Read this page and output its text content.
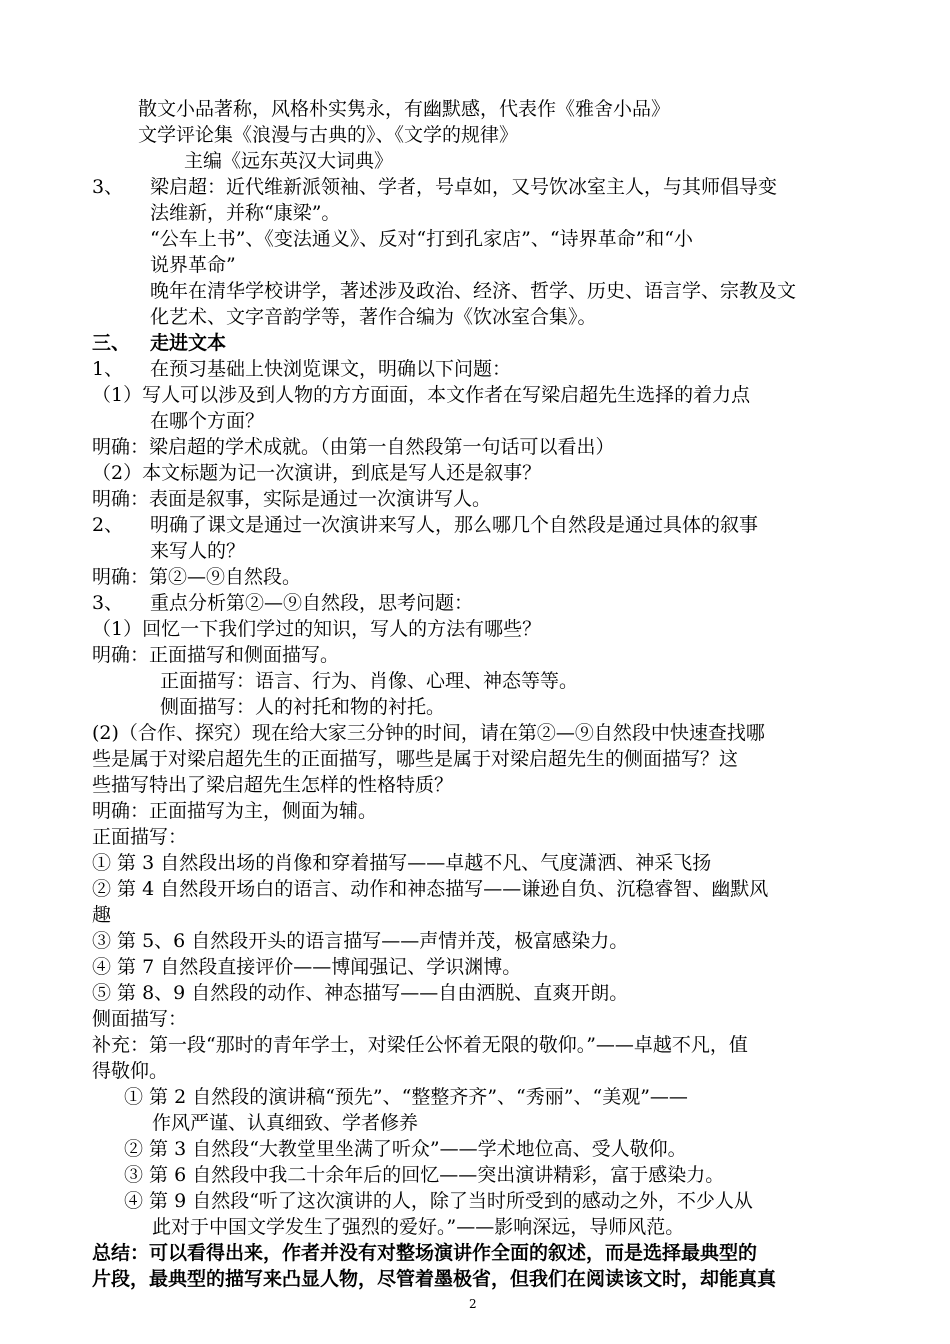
散文小品著称，风格朴实隽永，有幽默感，代表作《雅舍小品》
文学评论集《浪漫与古典的》、《文学的规律》
主编《远东英汉大词典》
3、 梁启超：近代维新派领袖、学者，号卓如，又号饮冰室主人，与其师倡导变
法维新，并称“康梁”。
“公车上书”、《变法通义》、反对“打到孔家店”、“诗界革命”和“小
说界革命”
晚年在清华学校讲学，著述涉及政治、经济、哲学、历史、语言学、宗教及文
化艺术、文字音韵学等，著作合编为《饮冰室合集》。
三、 走进文本
1、 在预习基础上快浏览课文，明确以下问题：
（1）写人可以涉及到人物的方方面面，本文作者在写梁启超先生选择的着力点
在哪个方面？
明确：梁启超的学术成就。（由第一自然段第一句话可以看出）
（2）本文标题为记一次演讲，到底是写人还是叙事？
明确：表面是叙事，实际是通过一次演讲写人。
2、 明确了课文是通过一次演讲来写人，那么哪几个自然段是通过具体的叙事
来写人的？
明确：第②—⑨自然段。
3、 重点分析第②—⑨自然段，思考问题：
（1）回忆一下我们学过的知识，写人的方法有哪些？
明确：正面描写和侧面描写。
正面描写：语言、行为、肖像、心理、神态等等。
侧面描写：人的衬托和物的衬托。
(2)（合作、探究）现在给大家三分钟的时间，请在第②—⑨自然段中快速查找哪
些是属于对梁启超先生的正面描写，哪些是属于对梁启超先生的侧面描写？这
些描写特出了梁启超先生怎样的性格特质？
明确：正面描写为主，侧面为辅。
正面描写：
① 第 3 自然段出场的肖像和穿着描写——卓越不凡、气度潇洒、神采飞扬
② 第 4 自然段开场白的语言、动作和神态描写——谦逊自负、沉稳睿智、幽默风
趣
③ 第 5、6 自然段开头的语言描写——声情并茂，极富感染力。
④ 第 7 自然段直接评价——博闻强记、学识渊博。
⑤ 第 8、9 自然段的动作、神态描写——自由洒脱、直爽开朗。
侧面描写：
补充：第一段“那时的青年学士，对梁任公怀着无限的敬仰。”——卓越不凡，值
得敬仰。
① 第 2 自然段的演讲稿“预先”、“整整齐齐”、“秀丽”、“美观”——
作风严谨、认真细致、学者修养
② 第 3 自然段“大教堂里坐满了听众”——学术地位高、受人敬仰。
③ 第 6 自然段中我二十余年后的回忆——突出演讲精彩，富于感染力。
④ 第 9 自然段“听了这次演讲的人，除了当时所受到的感动之外，不少人从
此对于中国文学发生了强烈的爱好。”——影响深远，导师风范。
总结：可以看得出来，作者并没有对整场演讲作全面的叙述，而是选择最典型的
片段，最典型的描写来凸显人物，尽管着墨极省，但我们在阅读该文时，却能真真
2
